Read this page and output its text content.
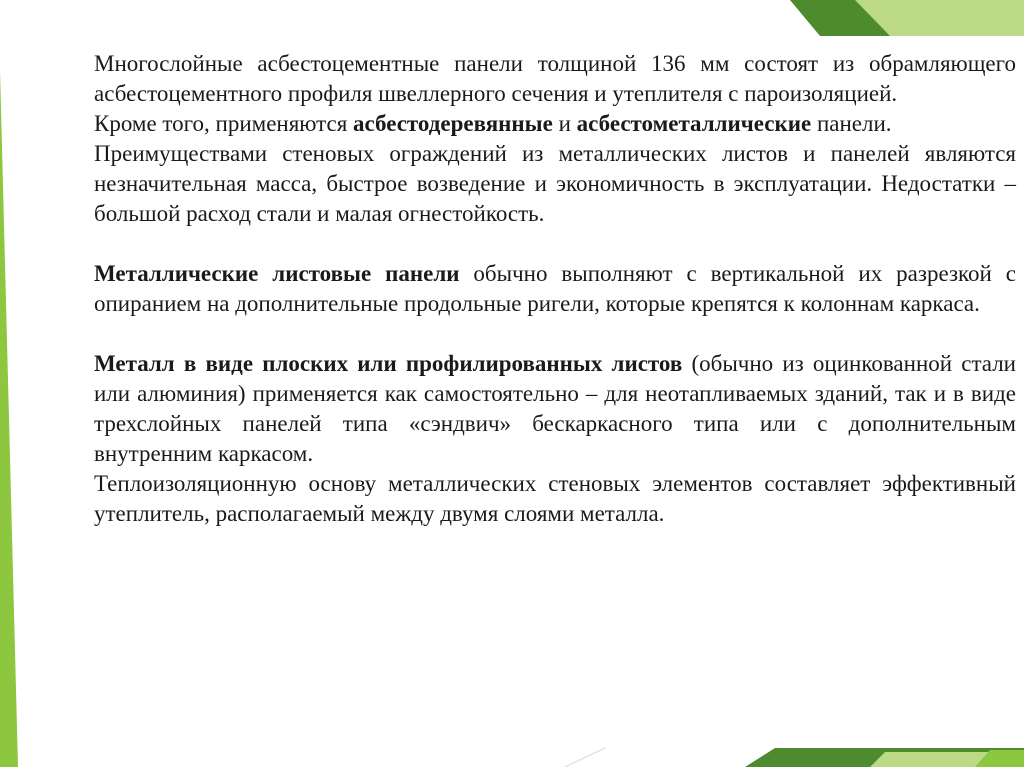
Многослойные асбестоцементные панели толщиной 136 мм состоят из обрамляющего асбестоцементного профиля швеллерного сечения и утеплителя с пароизоляцией.

Кроме того, применяются асбестодеревянные и асбестометаллические панели.

Преимуществами стеновых ограждений из металлических листов и панелей являются незначительная масса, быстрое возведение и экономичность в эксплуатации. Недостатки – большой расход стали и малая огнестойкость.

Металлические листовые панели обычно выполняют с вертикальной их разрезкой с опиранием на дополнительные продольные ригели, которые крепятся к колоннам каркаса.

Металл в виде плоских или профилированных листов (обычно из оцинкованной стали или алюминия) применяется как самостоятельно – для неотапливаемых зданий, так и в виде трехслойных панелей типа «сэндвич» бескаркасного типа или с дополнительным внутренним каркасом.

Теплоизоляционную основу металлических стеновых элементов составляет эффективный утеплитель, располагаемый между двумя слоями металла.
